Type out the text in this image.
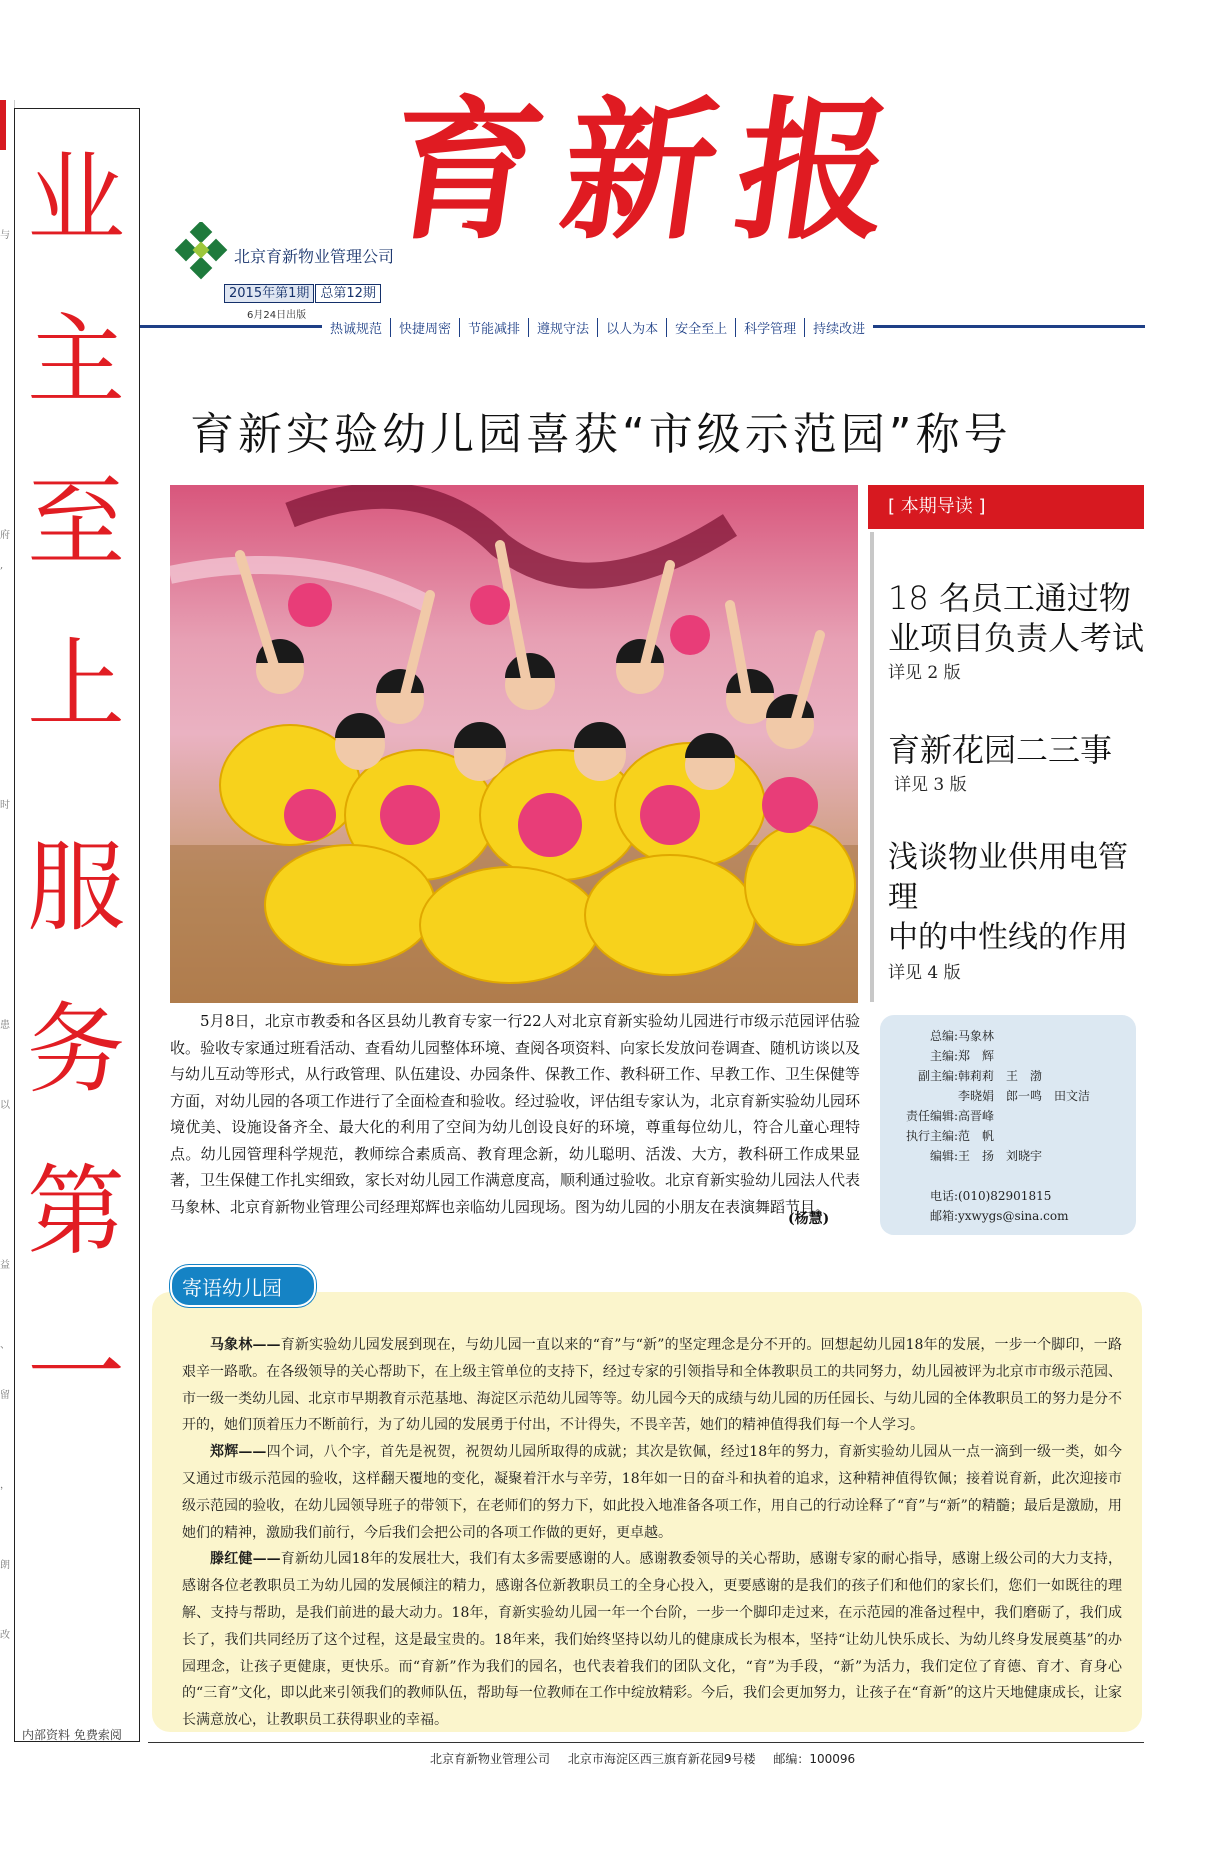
与
府
,
时
患
以
益
、
留
，
朗
改
业
主
至
上
服
务
第
一
内部资料 免费索阅
育新报
北京育新物业管理公司
2015年第1期 总第12期
6月24日出版
热诚规范 快捷周密 节能减排 遵规守法 以人为本 安全至上 科学管理 持续改进
育新实验幼儿园喜获“市级示范园”称号
[ 本期导读 ]
18 名员工通过物
业项目负责人考试
详见 2 版
育新花园二三事
详见 3 版
浅谈物业供用电管理
中的中性线的作用
详见 4 版
5月8日，北京市教委和各区县幼儿教育专家一行22人对北京育新实验幼儿园进行市级示范园评估验收。验收专家通过班看活动、查看幼儿园整体环境、查阅各项资料、向家长发放问卷调查、随机访谈以及与幼儿互动等形式，从行政管理、队伍建设、办园条件、保教工作、教科研工作、早教工作、卫生保健等方面，对幼儿园的各项工作进行了全面检查和验收。经过验收，评估组专家认为，北京育新实验幼儿园环境优美、设施设备齐全、最大化的利用了空间为幼儿创设良好的环境，尊重每位幼儿，符合儿童心理特点。幼儿园管理科学规范，教师综合素质高、教育理念新，幼儿聪明、活泼、大方，教科研工作成果显著，卫生保健工作扎实细致，家长对幼儿园工作满意度高，顺利通过验收。北京育新实验幼儿园法人代表马象林、北京育新物业管理公司经理郑辉也亲临幼儿园现场。图为幼儿园的小朋友在表演舞蹈节目。
(杨慧)
总编:马象林
主编:郑　辉
副主编:韩莉莉　王　渤
李晓娟　郎一鸣　田文洁
责任编辑:高晋峰
执行主编:范　帆
编辑:王　扬　刘晓宇
电话:(010)82901815
邮箱:yxwygs@sina.com
寄语幼儿园

马象林——育新实验幼儿园发展到现在，与幼儿园一直以来的“育”与“新”的坚定理念是分不开的。回想起幼儿园18年的发展，一步一个脚印，一路艰辛一路歌。在各级领导的关心帮助下，在上级主管单位的支持下，经过专家的引领指导和全体教职员工的共同努力，幼儿园被评为北京市市级示范园、市一级一类幼儿园、北京市早期教育示范基地、海淀区示范幼儿园等等。幼儿园今天的成绩与幼儿园的历任园长、与幼儿园的全体教职员工的努力是分不开的，她们顶着压力不断前行，为了幼儿园的发展勇于付出，不计得失，不畏辛苦，她们的精神值得我们每一个人学习。

郑辉——四个词，八个字，首先是祝贺，祝贺幼儿园所取得的成就；其次是钦佩，经过18年的努力，育新实验幼儿园从一点一滴到一级一类，如今又通过市级示范园的验收，这样翻天覆地的变化，凝聚着汗水与辛劳，18年如一日的奋斗和执着的追求，这种精神值得钦佩；接着说育新，此次迎接市级示范园的验收，在幼儿园领导班子的带领下，在老师们的努力下，如此投入地准备各项工作，用自己的行动诠释了“育”与“新”的精髓；最后是激励，用她们的精神，激励我们前行，今后我们会把公司的各项工作做的更好，更卓越。

滕红健——育新幼儿园18年的发展壮大，我们有太多需要感谢的人。感谢教委领导的关心帮助，感谢专家的耐心指导，感谢上级公司的大力支持，感谢各位老教职员工为幼儿园的发展倾注的精力，感谢各位新教职员工的全身心投入，更要感谢的是我们的孩子们和他们的家长们，您们一如既往的理解、支持与帮助，是我们前进的最大动力。18年，育新实验幼儿园一年一个台阶，一步一个脚印走过来，在示范园的准备过程中，我们磨砺了，我们成长了，我们共同经历了这个过程，这是最宝贵的。18年来，我们始终坚持以幼儿的健康成长为根本，坚持“让幼儿快乐成长、为幼儿终身发展奠基”的办园理念，让孩子更健康，更快乐。而“育新”作为我们的园名，也代表着我们的团队文化，“育”为手段，“新”为活力，我们定位了育德、育才、育身心的“三育”文化，即以此来引领我们的教师队伍，帮助每一位教师在工作中绽放精彩。今后，我们会更加努力，让孩子在“育新”的这片天地健康成长，让家长满意放心，让教职员工获得职业的幸福。

北京育新物业管理公司 北京市海淀区西三旗育新花园9号楼 邮编：100096
